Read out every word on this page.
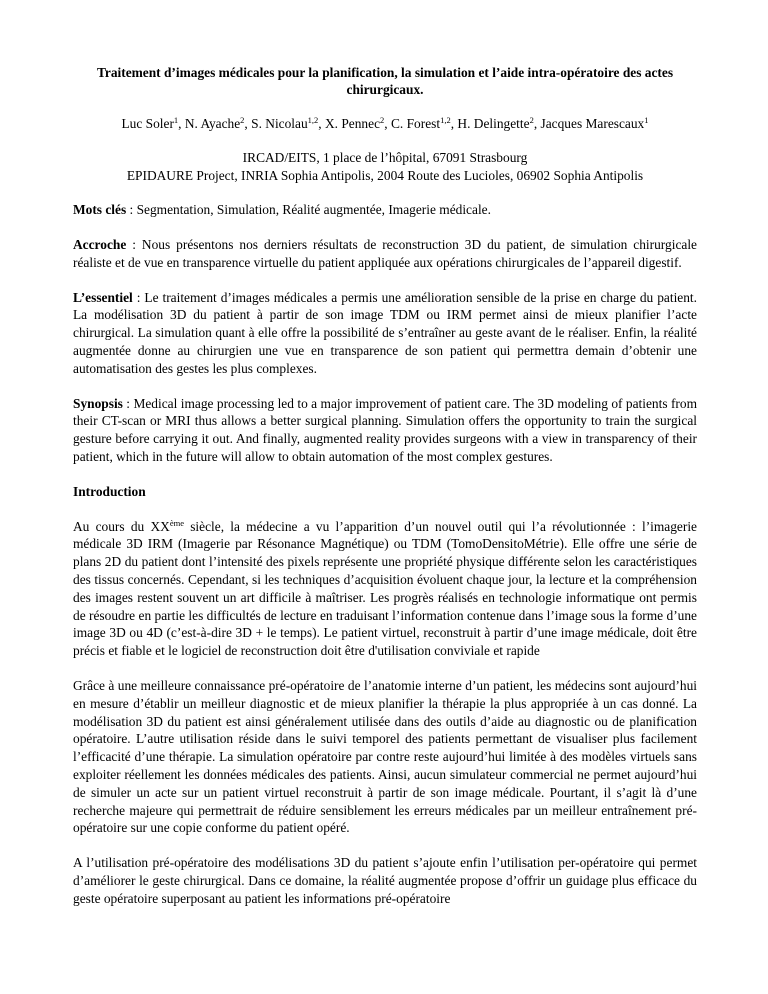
Traitement d’images médicales pour la planification, la simulation et l’aide intra-opératoire des actes chirurgicaux.
Luc Soler$^1$, N. Ayache$^2$, S. Nicolau$^{1,2}$, X. Pennec$^2$, C. Forest$^{1,2}$, H. Delingette$^2$, Jacques Marescaux$^1$
IRCAD/EITS, 1 place de l’hôpital, 67091 Strasbourg
EPIDAURE Project, INRIA Sophia Antipolis, 2004 Route des Lucioles, 06902 Sophia Antipolis
Mots clés : Segmentation, Simulation, Réalité augmentée, Imagerie médicale.
Accroche : Nous présentons nos derniers résultats de reconstruction 3D du patient, de simulation chirurgicale réaliste et de vue en transparence virtuelle du patient appliquée aux opérations chirurgicales de l’appareil digestif.
L’essentiel : Le traitement d’images médicales a permis une amélioration sensible de la prise en charge du patient. La modélisation 3D du patient à partir de son image TDM ou IRM permet ainsi de mieux planifier l’acte chirurgical. La simulation quant à elle offre la possibilité de s’entraîner au geste avant de le réaliser. Enfin, la réalité augmentée donne au chirurgien une vue en transparence de son patient qui permettra demain d’obtenir une automatisation des gestes les plus complexes.
Synopsis : Medical image processing led to a major improvement of patient care. The 3D modeling of patients from their CT-scan or MRI thus allows a better surgical planning. Simulation offers the opportunity to train the surgical gesture before carrying it out. And finally, augmented reality provides surgeons with a view in transparency of their patient, which in the future will allow to obtain automation of the most complex gestures.
Introduction
Au cours du XXème siècle, la médecine a vu l’apparition d’un nouvel outil qui l’a révolutionnée : l’imagerie médicale 3D IRM (Imagerie par Résonance Magnétique) ou TDM (TomoDensitoMétrie). Elle offre une série de plans 2D du patient dont l’intensité des pixels représente une propriété physique différente selon les caractéristiques des tissus concernés. Cependant, si les techniques d’acquisition évoluent chaque jour, la lecture et la compréhension des images restent souvent un art difficile à maîtriser. Les progrès réalisés en technologie informatique ont permis de résoudre en partie les difficultés de lecture en traduisant l’information contenue dans l’image sous la forme d’une image 3D ou 4D (c’est-à-dire 3D + le temps). Le patient virtuel, reconstruit à partir d’une image médicale, doit être précis et fiable et le logiciel de reconstruction doit être d'utilisation conviviale et rapide
Grâce à une meilleure connaissance pré-opératoire de l’anatomie interne d’un patient, les médecins sont aujourd’hui en mesure d’établir un meilleur diagnostic et de mieux planifier la thérapie la plus appropriée à un cas donné. La modélisation 3D du patient est ainsi généralement utilisée dans des outils d’aide au diagnostic ou de planification opératoire. L’autre utilisation réside dans le suivi temporel des patients permettant de visualiser plus facilement l’efficacité d’une thérapie. La simulation opératoire par contre reste aujourd’hui limitée à des modèles virtuels sans exploiter réellement les données médicales des patients. Ainsi, aucun simulateur commercial ne permet aujourd’hui de simuler un acte sur un patient virtuel reconstruit à partir de son image médicale. Pourtant, il s’agit là d’une recherche majeure qui permettrait de réduire sensiblement les erreurs médicales par un meilleur entraînement pré-opératoire sur une copie conforme du patient opéré.
A l’utilisation pré-opératoire des modélisations 3D du patient s’ajoute enfin l’utilisation per-opératoire qui permet d’améliorer le geste chirurgical. Dans ce domaine, la réalité augmentée propose d’offrir un guidage plus efficace du geste opératoire superposant au patient les informations pré-opératoire
